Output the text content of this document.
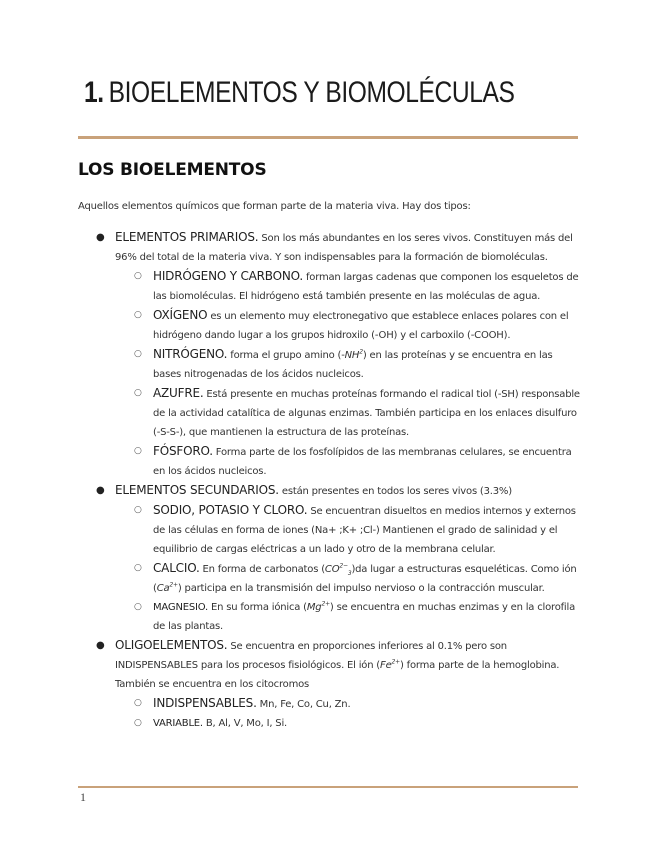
1. BIOELEMENTOS Y BIOMOLÉCULAS
LOS BIOELEMENTOS
Aquellos elementos químicos que forman parte de la materia viva. Hay dos tipos:
● ELEMENTOS PRIMARIOS. Son los más abundantes en los seres vivos. Constituyen más del 96% del total de la materia viva. Y son indispensables para la formación de biomoléculas.
○ HIDRÓGENO Y CARBONO. forman largas cadenas que componen los esqueletos de las biomoléculas. El hidrógeno está también presente en las moléculas de agua.
○ OXÍGENO es un elemento muy electronegativo que establece enlaces polares con el hidrógeno dando lugar a los grupos hidroxilo (-OH) y el carboxilo (-COOH).
○ NITRÓGENO. forma el grupo amino $(-NH^2)$ en las proteínas y se encuentra en las bases nitrogenadas de los ácidos nucleicos.
○ AZUFRE. Está presente en muchas proteínas formando el radical tiol (-SH) responsable de la actividad catalítica de algunas enzimas. También participa en los enlaces disulfuro (-S-S-), que mantienen la estructura de las proteínas.
○ FÓSFORO. Forma parte de los fosfolípidos de las membranas celulares, se encuentra en los ácidos nucleicos.
● ELEMENTOS SECUNDARIOS. están presentes en todos los seres vivos (3.3%)
○ SODIO, POTASIO Y CLORO. Se encuentran disueltos en medios internos y externos de las células en forma de iones (Na+ ;K+ ;Cl-) Mantienen el grado de salinidad y el equilibrio de cargas eléctricas a un lado y otro de la membrana celular.
○ CALCIO. En forma de carbonatos $(CO^{2-}_3)da$ lugar a estructuras esqueléticas. Como ión $(Ca^{2+})$ participa en la transmisión del impulso nervioso o la contracción muscular.
○ MAGNESIO. En su forma iónica $(Mg^{2+})$ se encuentra en muchas enzimas y en la clorofila de las plantas.
● OLIGOELEMENTOS. Se encuentra en proporciones inferiores al 0.1% pero son INDISPENSABLES para los procesos fisiológicos. El ión $(Fe^{2+})$ forma parte de la hemoglobina. También se encuentra en los citocromos
○ INDISPENSABLES. Mn, Fe, Co, Cu, Zn.
○ VARIABLE. B, Al, V, Mo, I, Si.
1
